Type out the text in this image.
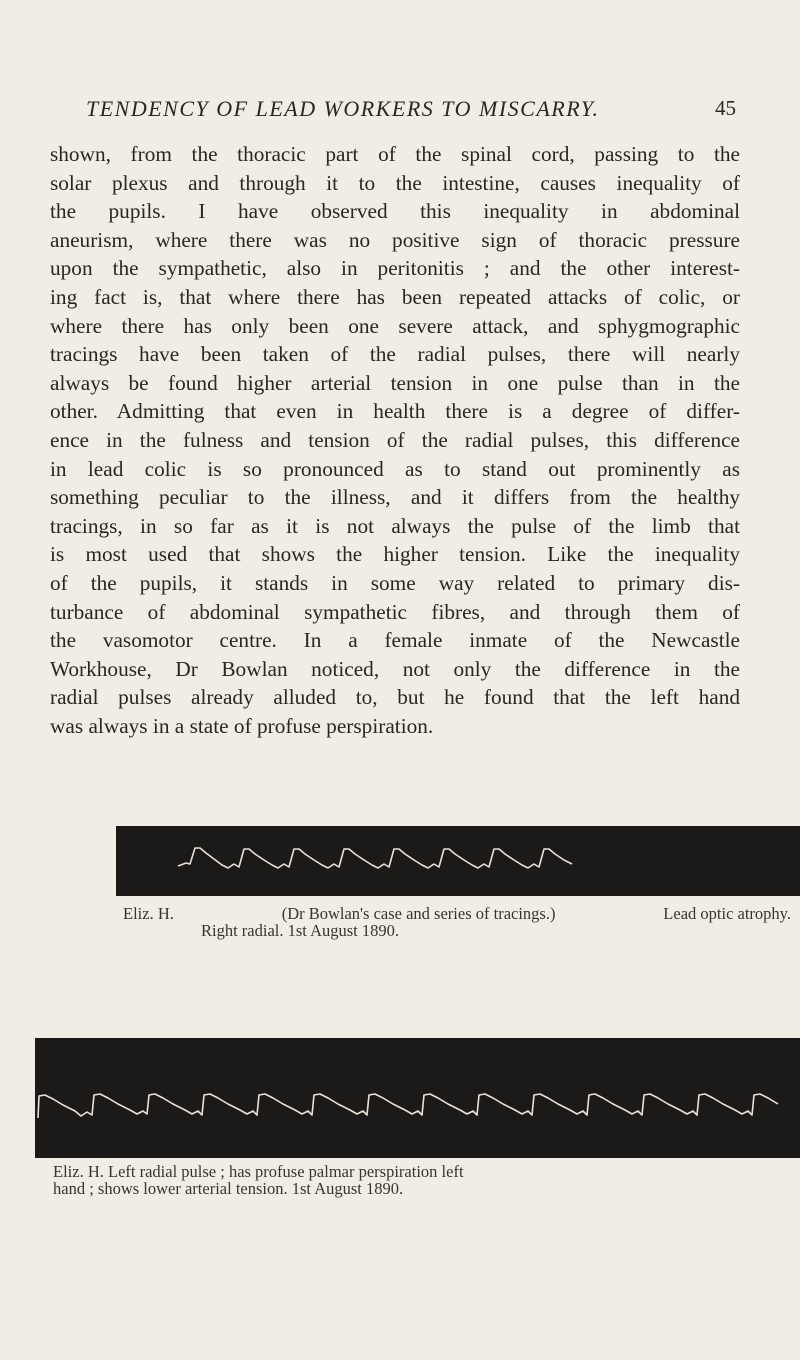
TENDENCY OF LEAD WORKERS TO MISCARRY.	45
shown, from the thoracic part of the spinal cord, passing to the
solar plexus and through it to the intestine, causes inequality of
the pupils. I have observed this inequality in abdominal
aneurism, where there was no positive sign of thoracic pressure
upon the sympathetic, also in peritonitis ; and the other interest-
ing fact is, that where there has been repeated attacks of colic, or
where there has only been one severe attack, and sphygmographic
tracings have been taken of the radial pulses, there will nearly
always be found higher arterial tension in one pulse than in the
other. Admitting that even in health there is a degree of differ-
ence in the fulness and tension of the radial pulses, this difference
in lead colic is so pronounced as to stand out prominently as
something peculiar to the illness, and it differs from the healthy
tracings, in so far as it is not always the pulse of the limb that
is most used that shows the higher tension. Like the inequality
of the pupils, it stands in some way related to primary dis-
turbance of abdominal sympathetic fibres, and through them of
the vasomotor centre. In a female inmate of the Newcastle
Workhouse, Dr Bowlan noticed, not only the difference in the
radial pulses already alluded to, but he found that the left hand
was always in a state of profuse perspiration.
Eliz. H.	(Dr Bowlan's case and series of tracings.)	Lead optic atrophy.
Right radial. 1st August 1890.
Eliz. H. Left radial pulse ; has profuse palmar perspiration left
hand ; shows lower arterial tension. 1st August 1890.
